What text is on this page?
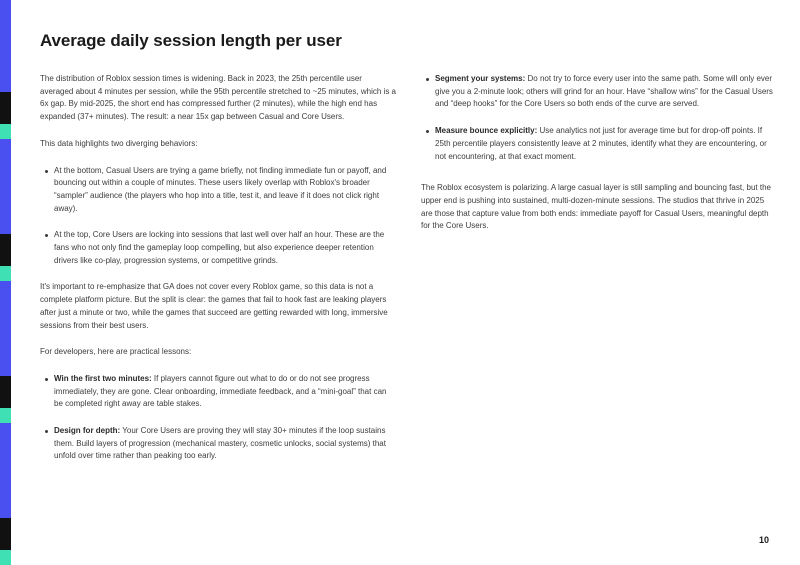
Average daily session length per user

The distribution of Roblox session times is widening. Back in 2023, the 25th percentile user averaged about 4 minutes per session, while the 95th percentile stretched to ~25 minutes, which is a 6x gap. By mid-2025, the short end has compressed further (2 minutes), while the high end has expanded (37+ minutes). The result: a near 15x gap between Casual and Core Users.

This data highlights two diverging behaviors:

At the bottom, Casual Users are trying a game briefly, not finding immediate fun or payoff, and bouncing out within a couple of minutes. These users likely overlap with Roblox's broader “sampler” audience (the players who hop into a title, test it, and leave if it does not click right away).
At the top, Core Users are locking into sessions that last well over half an hour. These are the fans who not only find the gameplay loop compelling, but also experience deeper retention drivers like co-play, progression systems, or competitive grinds.

It's important to re-emphasize that GA does not cover every Roblox game, so this data is not a complete platform picture. But the split is clear: the games that fail to hook fast are leaking players after just a minute or two, while the games that succeed are getting rewarded with long, immersive sessions from their best users.

For developers, here are practical lessons:

Win the first two minutes: If players cannot figure out what to do or do not see progress immediately, they are gone. Clear onboarding, immediate feedback, and a “mini-goal” that can be completed right away are table stakes.
Design for depth: Your Core Users are proving they will stay 30+ minutes if the loop sustains them. Build layers of progression (mechanical mastery, cosmetic unlocks, social systems) that unfold over time rather than peaking too early.
Segment your systems: Do not try to force every user into the same path. Some will only ever give you a 2-minute look; others will grind for an hour. Have “shallow wins” for the Casual Users and “deep hooks” for the Core Users so both ends of the curve are served.
Measure bounce explicitly: Use analytics not just for average time but for drop-off points. If 25th percentile players consistently leave at 2 minutes, identify what they are encountering, or not encountering, at that exact moment.

The Roblox ecosystem is polarizing. A large casual layer is still sampling and bouncing fast, but the upper end is pushing into sustained, multi-dozen-minute sessions. The studios that thrive in 2025 are those that capture value from both ends: immediate payoff for Casual Users, meaningful depth for the Core Users.

10
